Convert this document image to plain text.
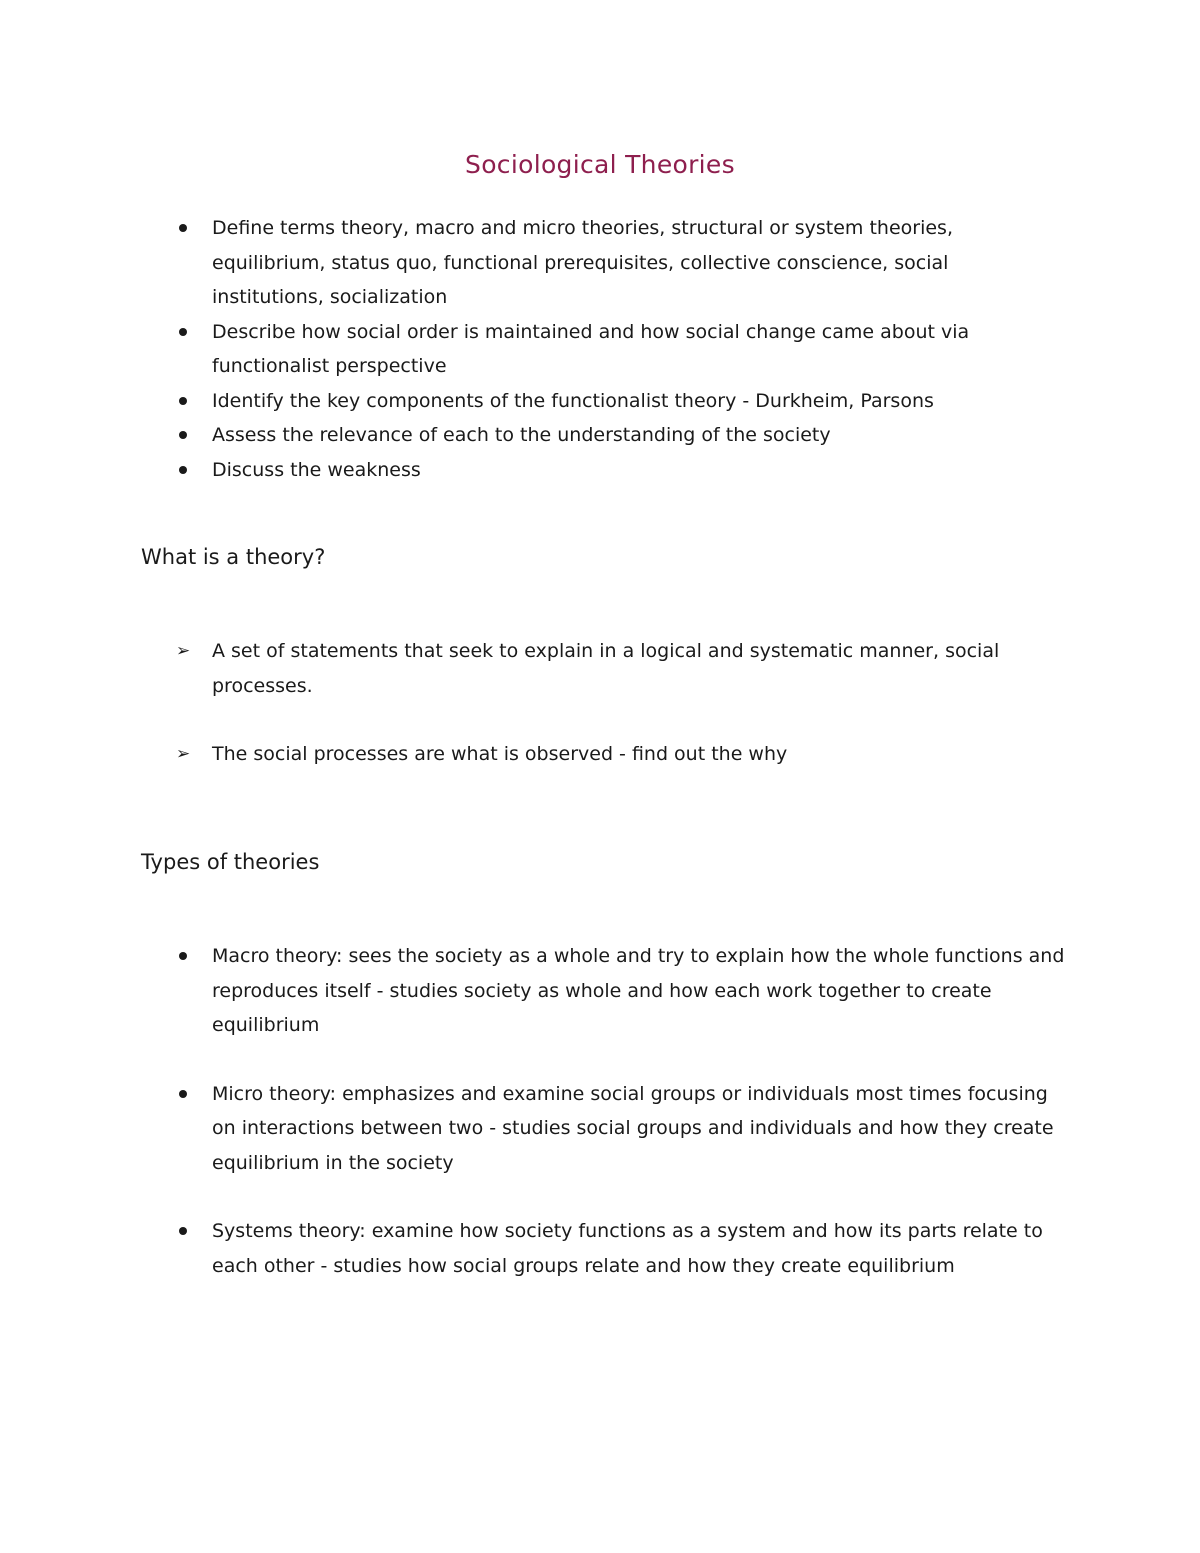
Sociological Theories
Define terms theory, macro and micro theories, structural or system theories, equilibrium, status quo, functional prerequisites, collective conscience, social institutions, socialization
Describe how social order is maintained and how social change came about via functionalist perspective
Identify the key components of the functionalist theory - Durkheim, Parsons
Assess the relevance of each to the understanding of the society
Discuss the weakness
What is a theory?
➢ A set of statements that seek to explain in a logical and systematic manner, social processes.
➢ The social processes are what is observed - find out the why
Types of theories
Macro theory: sees the society as a whole and try to explain how the whole functions and reproduces itself - studies society as whole and how each work together to create equilibrium
Micro theory: emphasizes and examine social groups or individuals most times focusing on interactions between two - studies social groups and individuals and how they create equilibrium in the society
Systems theory: examine how society functions as a system and how its parts relate to each other - studies how social groups relate and how they create equilibrium
